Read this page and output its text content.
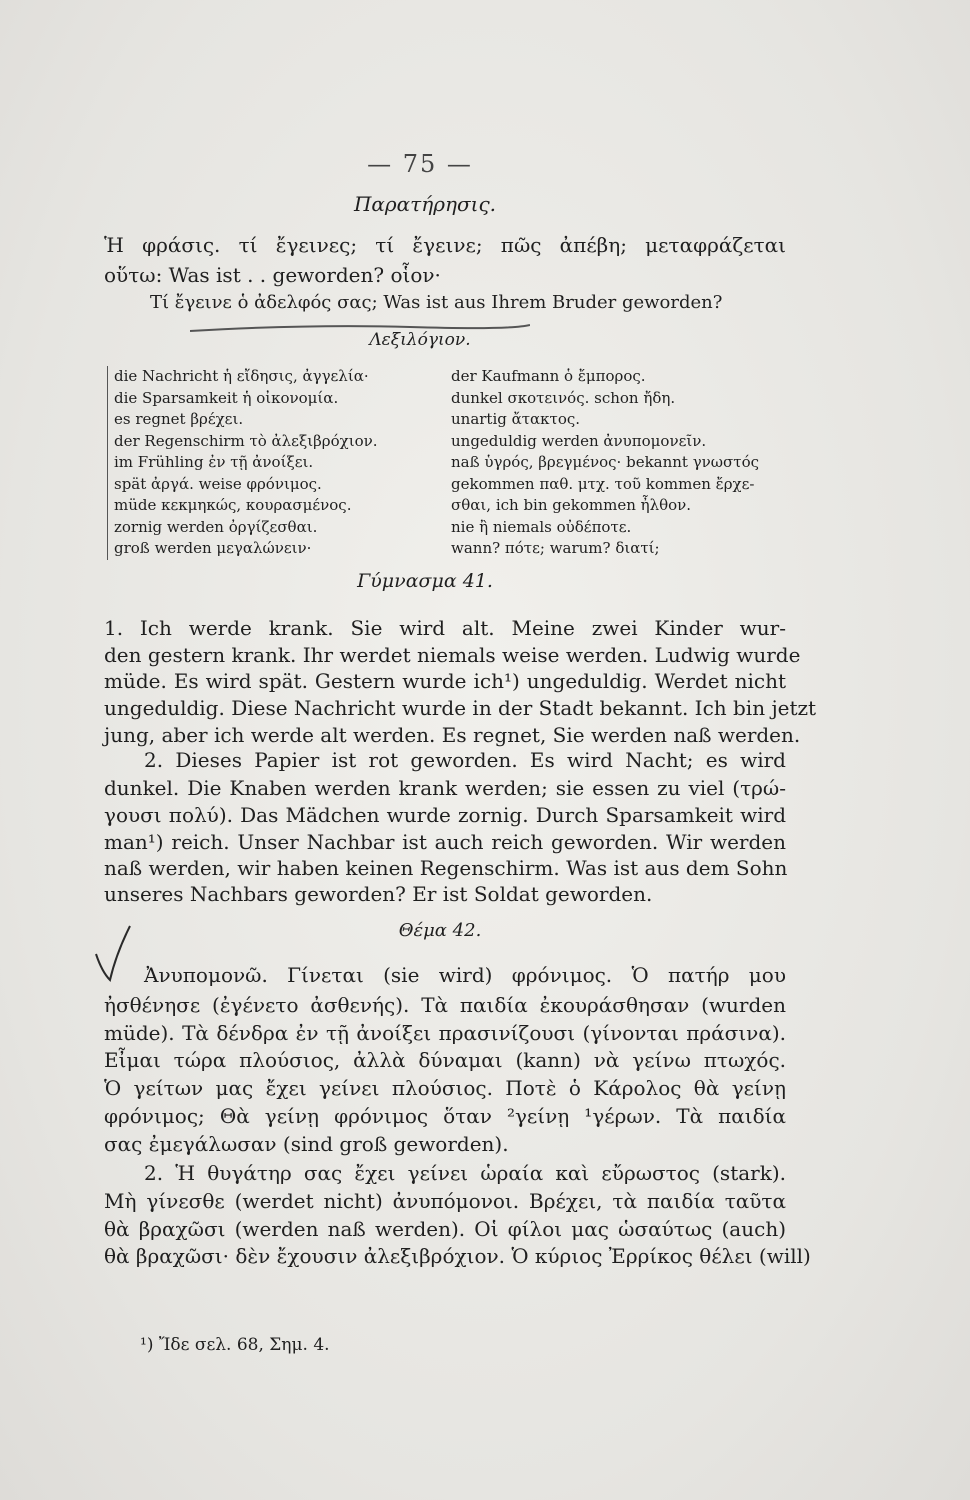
— 75 —
Παρατήρησις.
Ἡ φράσις. τί ἔγεινες; τί ἔγεινε; πῶς ἀπέβη; μεταφράζεται
οὕτω: Was ist . . geworden? οἷον·
Τί ἔγεινε ὁ ἀδελφός σας; Was ist aus Ihrem Bruder geworden?
Λεξιλόγιον.
die Nachricht ἡ εἴδησις, ἀγγελία·
die Sparsamkeit ἡ οἰκονομία.
es regnet βρέχει.
der Regenschirm τὸ ἀλεξιβρόχιον.
im Frühling ἐν τῇ ἀνοίξει.
spät ἀργά. weise φρόνιμος.
müde κεκμηκώς, κουρασμένος.
zornig werden ὀργίζεσθαι.
groß werden μεγαλώνειν·
der Kaufmann ὁ ἔμπορος.
dunkel σκοτεινός. schon ἤδη.
unartig ἄτακτος.
ungeduldig werden ἀνυπομονεῖν.
naß ὑγρός, βρεγμένος· bekannt γνωστός
gekommen παθ. μτχ. τοῦ kommen ἔρχε-
σθαι, ich bin gekommen ἦλθον.
nie ἢ niemals οὐδέποτε.
wann? πότε; warum? διατί;
Γύμνασμα 41.
1. Ich werde krank. Sie wird alt. Meine zwei Kinder wur-
den gestern krank. Ihr werdet niemals weise werden. Ludwig wurde
müde. Es wird spät. Gestern wurde ich¹) ungeduldig. Werdet nicht
ungeduldig. Diese Nachricht wurde in der Stadt bekannt. Ich bin jetzt
jung, aber ich werde alt werden. Es regnet, Sie werden naß werden.
2. Dieses Papier ist rot geworden. Es wird Nacht; es wird
dunkel. Die Knaben werden krank werden; sie essen zu viel (τρώ-
γουσι πολύ). Das Mädchen wurde zornig. Durch Sparsamkeit wird
man¹) reich. Unser Nachbar ist auch reich geworden. Wir werden
naß werden, wir haben keinen Regenschirm. Was ist aus dem Sohn
unseres Nachbars geworden? Er ist Soldat geworden.
Θέμα 42.
Ἀνυπομονῶ. Γίνεται (sie wird) φρόνιμος. Ὁ πατήρ μου
ἠσθένησε (ἐγένετο ἀσθενής). Τὰ παιδία ἐκουράσθησαν (wurden
müde). Τὰ δένδρα ἐν τῇ ἀνοίξει πρασινίζουσι (γίνονται πράσινα).
Εἶμαι τώρα πλούσιος, ἀλλὰ δύναμαι (kann) νὰ γείνω πτωχός.
Ὁ γείτων μας ἔχει γείνει πλούσιος. Ποτὲ ὁ Κάρολος θὰ γείνῃ
φρόνιμος; Θὰ γείνῃ φρόνιμος ὅταν ²γείνῃ ¹γέρων. Τὰ παιδία
σας ἐμεγάλωσαν (sind groß geworden).
2. Ἡ θυγάτηρ σας ἔχει γείνει ὡραία καὶ εὔρωστος (stark).
Μὴ γίνεσθε (werdet nicht) ἀνυπόμονοι. Βρέχει, τὰ παιδία ταῦτα
θὰ βραχῶσι (werden naß werden). Οἱ φίλοι μας ὡσαύτως (auch)
θὰ βραχῶσι· δὲν ἔχουσιν ἀλεξιβρόχιον. Ὁ κύριος Ἐρρίκος θέλει (will)
¹) Ἴδε σελ. 68, Σημ. 4.
